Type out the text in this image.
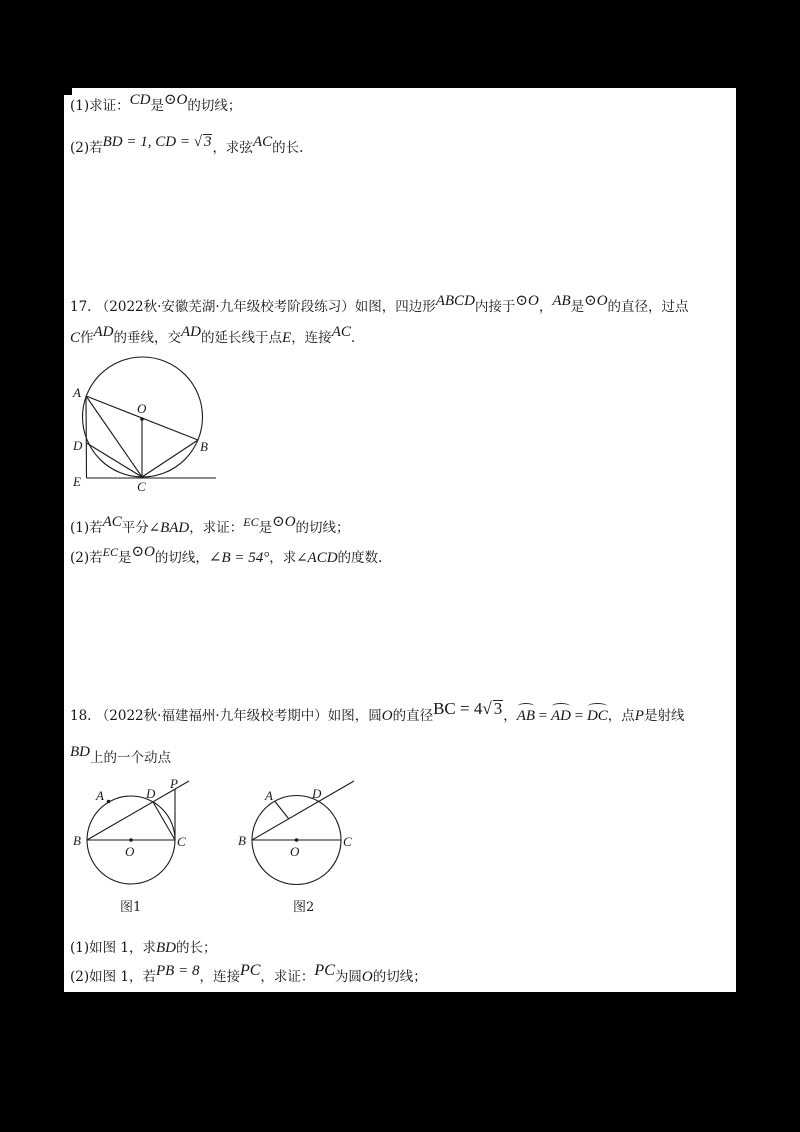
(1)求证：CD是⊙O的切线；
(2)若BD = 1, CD = √ 3，求弦AC的长.
17. （2022秋·安徽芜湖·九年级校考阶段练习）如图，四边形ABCD内接于⊙O，AB是⊙O的直径，过点
C作AD的垂线，交AD的延长线于点E，连接AC.
A
O
B
D
E	C
(1)若AC平分∠BAD，求证：EC是⊙O的切线；
(2)若EC是⊙O的切线，∠B = 54°，求∠ACD的度数.
18. （2022秋·福建福州·九年级校考期中）如图，圆O的直径BC = 4√ 3，AB = AD = DC，点P是射线
BD上的一个动点
A	D
P
B
O
C
图1
A	D
B
O
C
图2
(1)如图 1，求BD的长；
(2)如图 1，若PB = 8，连接PC，求证：PC为圆O的切线；
